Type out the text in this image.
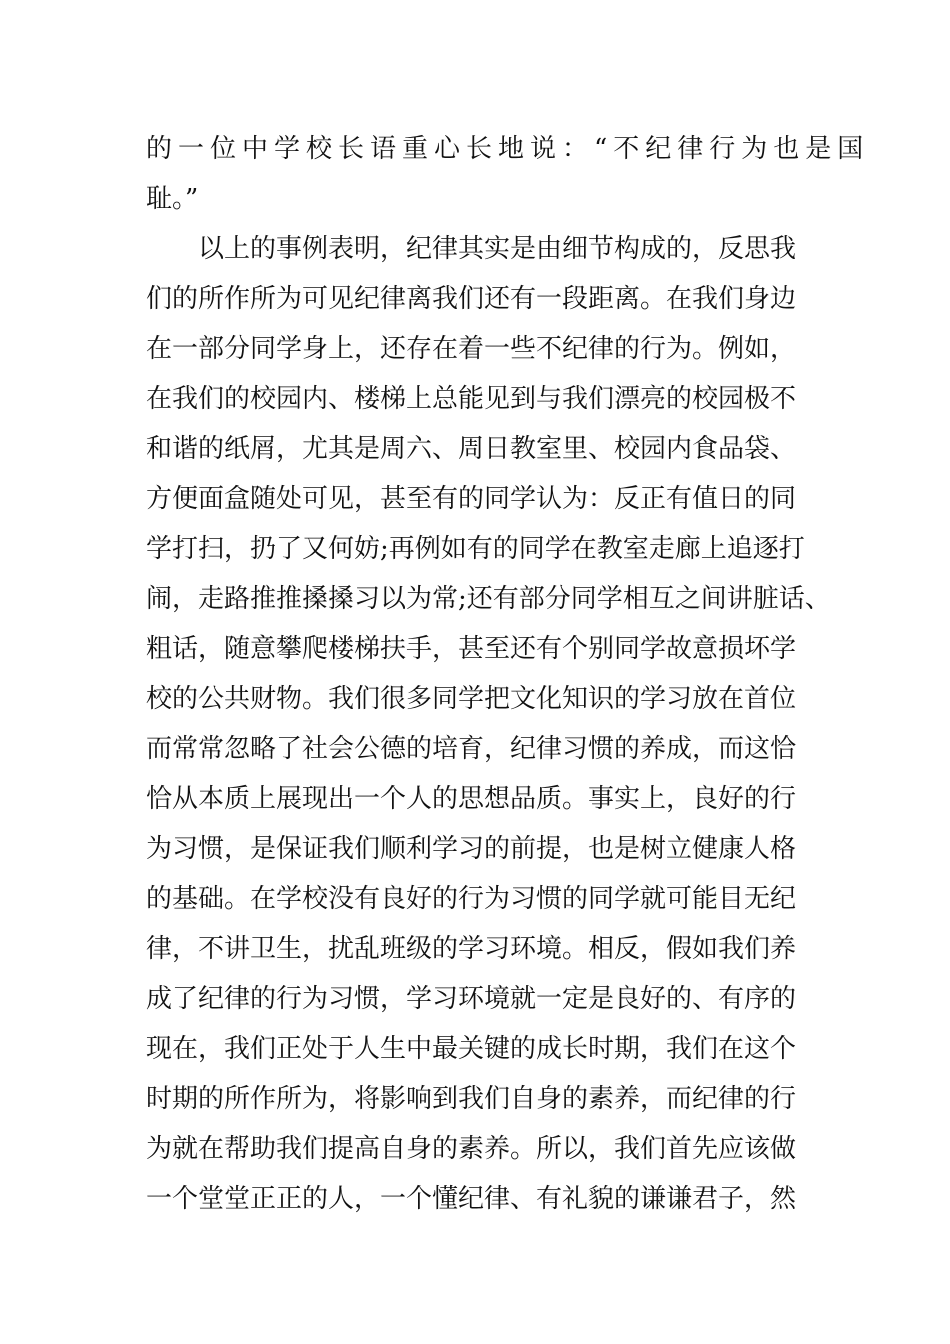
的一位中学校长语重心长地说：“不纪律行为也是国
耻。”
以上的事例表明，纪律其实是由细节构成的，反思我
们的所作所为可见纪律离我们还有一段距离。在我们身边
在一部分同学身上，还存在着一些不纪律的行为。例如，
在我们的校园内、楼梯上总能见到与我们漂亮的校园极不
和谐的纸屑，尤其是周六、周日教室里、校园内食品袋、
方便面盒随处可见，甚至有的同学认为：反正有值日的同
学打扫，扔了又何妨;再例如有的同学在教室走廊上追逐打
闹，走路推推搡搡习以为常;还有部分同学相互之间讲脏话、
粗话，随意攀爬楼梯扶手，甚至还有个别同学故意损坏学
校的公共财物。我们很多同学把文化知识的学习放在首位
而常常忽略了社会公德的培育，纪律习惯的养成，而这恰
恰从本质上展现出一个人的思想品质。事实上，良好的行
为习惯，是保证我们顺利学习的前提，也是树立健康人格
的基础。在学校没有良好的行为习惯的同学就可能目无纪
律，不讲卫生，扰乱班级的学习环境。相反，假如我们养
成了纪律的行为习惯，学习环境就一定是良好的、有序的
现在，我们正处于人生中最关键的成长时期，我们在这个
时期的所作所为，将影响到我们自身的素养，而纪律的行
为就在帮助我们提高自身的素养。所以，我们首先应该做
一个堂堂正正的人，一个懂纪律、有礼貌的谦谦君子，然
